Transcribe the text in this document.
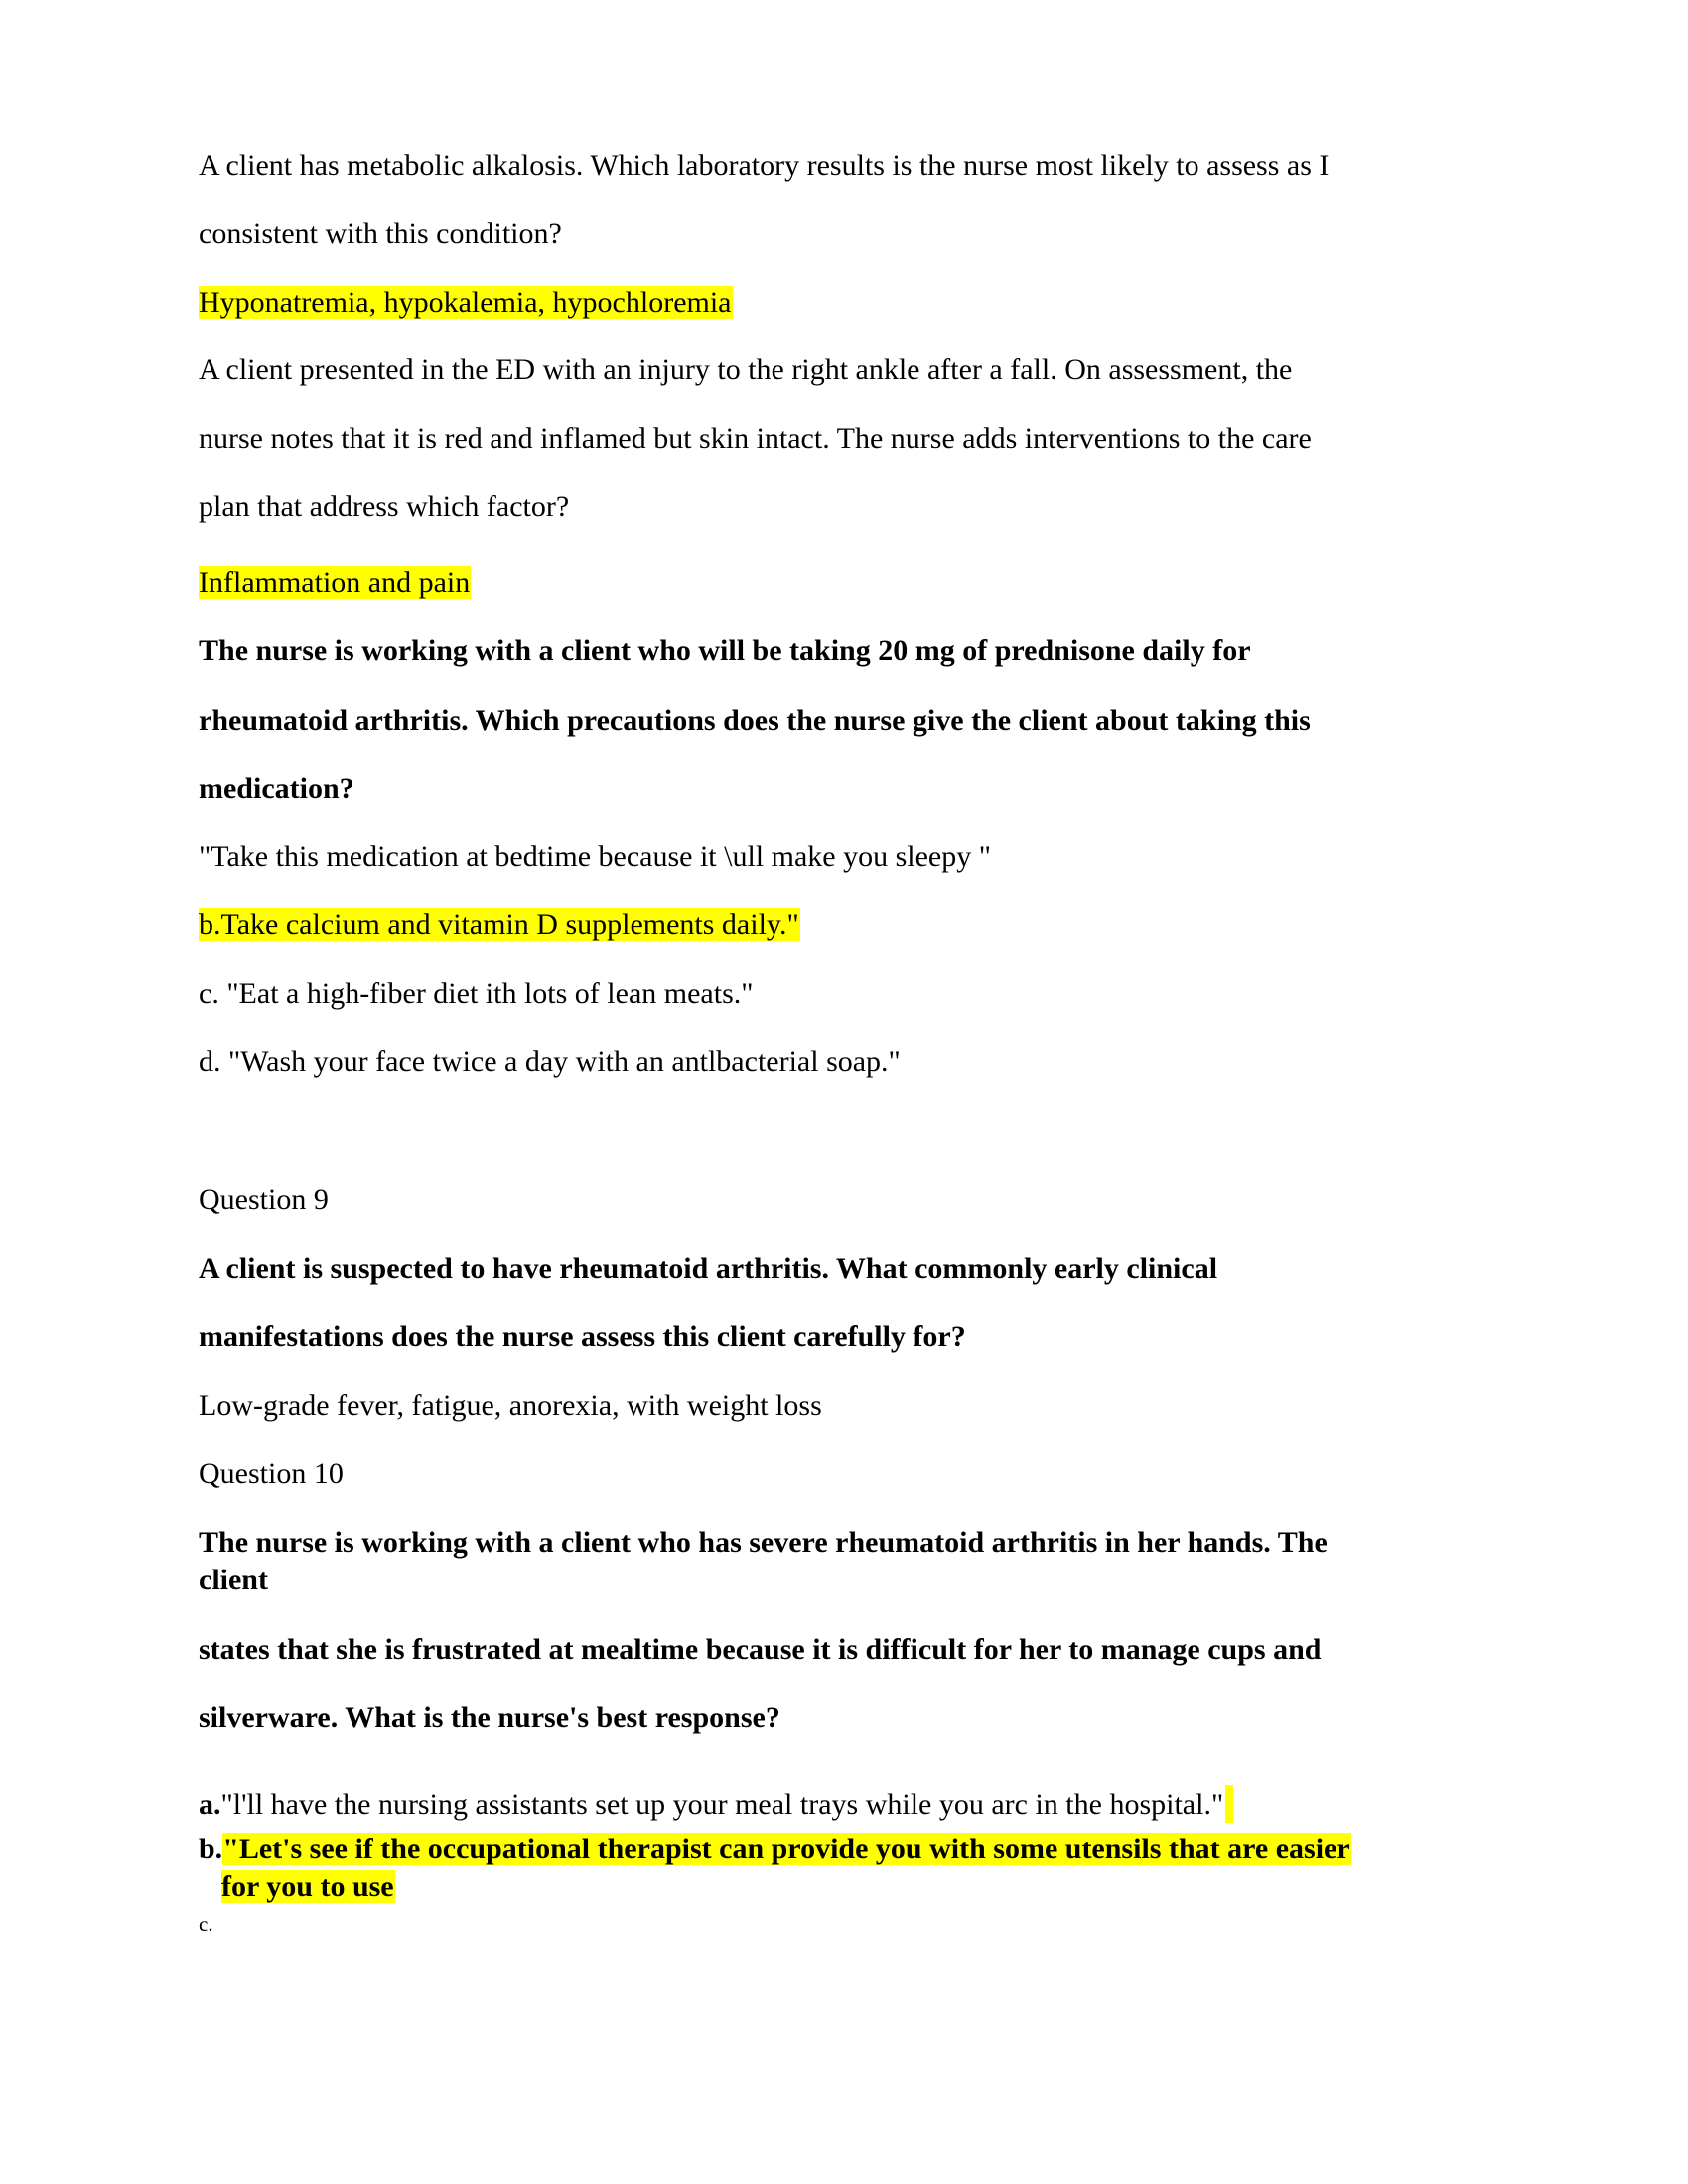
A client has metabolic alkalosis. Which laboratory results is the nurse most likely to assess as I
consistent with this condition?
Hyponatremia, hypokalemia, hypochloremia
A client presented in the ED with an injury to the right ankle after a fall. On assessment, the
nurse notes that it is red and inflamed but skin intact. The nurse adds interventions to the care
plan that address which factor?
Inflammation and pain
The nurse is working with a client who will be taking 20 mg of prednisone daily for
rheumatoid arthritis. Which precautions does the nurse give the client about taking this
medication?
"Take this medication at bedtime because it \ull make you sleepy "
b.Take calcium and vitamin D supplements daily."
c. "Eat a high-fiber diet ith lots of lean meats."
d. "Wash your face twice a day with an antlbacterial soap."
Question 9
A client is suspected to have rheumatoid arthritis. What commonly early clinical
manifestations does the nurse assess this client carefully for?
Low-grade fever, fatigue, anorexia, with weight loss
Question 10
The nurse is working with a client who has severe rheumatoid arthritis in her hands. The
client
states that she is frustrated at mealtime because it is difficult for her to manage cups and
silverware. What is the nurse's best response?
a."l'll have the nursing assistants set up your meal trays while you arc in the hospital."
b."Let's see if the occupational therapist can provide you with some utensils that are easier
for you to use
c.
